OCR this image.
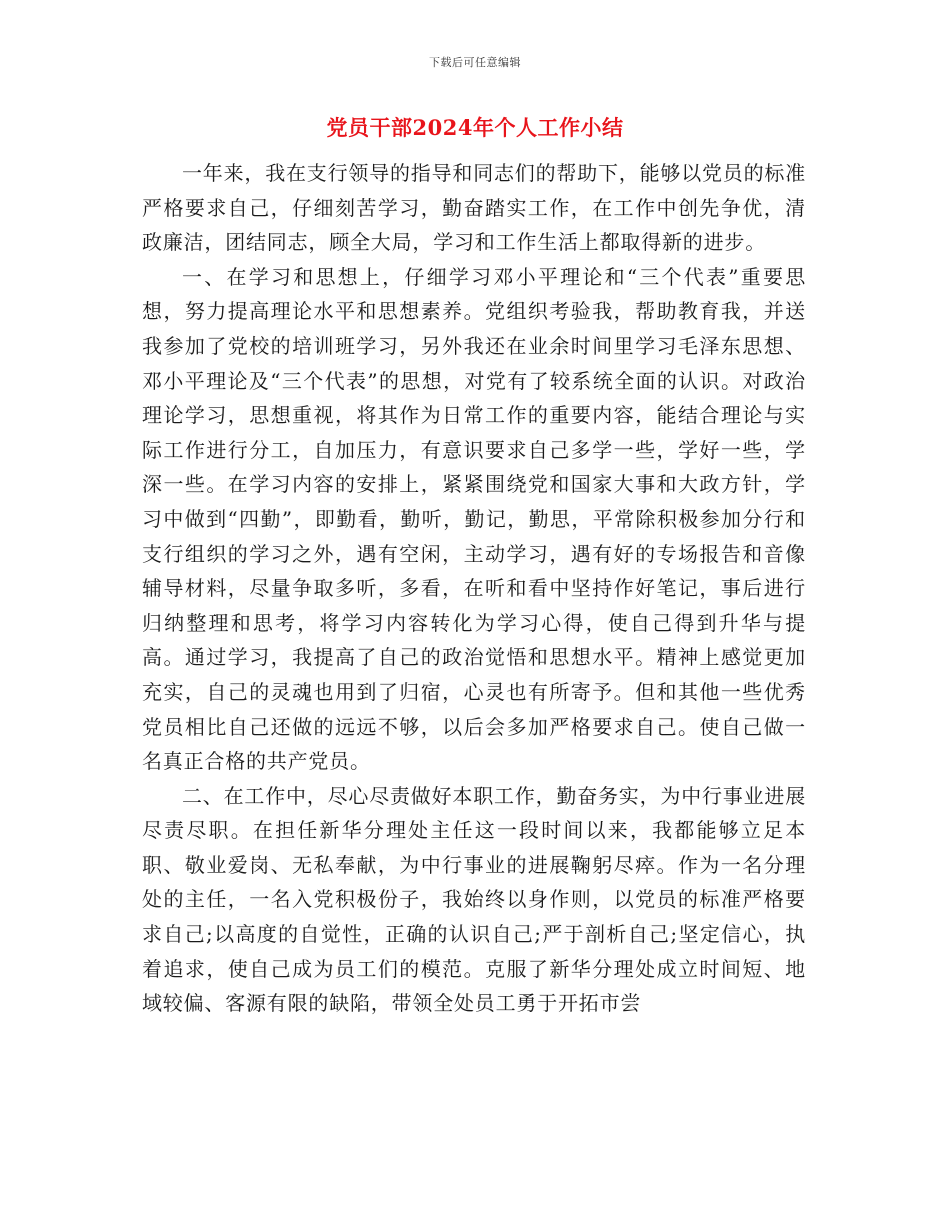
下载后可任意编辑
党员干部2024年个人工作小结

一年来，我在支行领导的指导和同志们的帮助下，能够以党员的标准严格要求自己，仔细刻苦学习，勤奋踏实工作，在工作中创先争优，清政廉洁，团结同志，顾全大局，学习和工作生活上都取得新的进步。

一、在学习和思想上，仔细学习邓小平理论和“三个代表”重要思想，努力提高理论水平和思想素养。党组织考验我，帮助教育我，并送我参加了党校的培训班学习，另外我还在业余时间里学习毛泽东思想、邓小平理论及“三个代表”的思想，对党有了较系统全面的认识。对政治理论学习，思想重视，将其作为日常工作的重要内容，能结合理论与实际工作进行分工，自加压力，有意识要求自己多学一些，学好一些，学深一些。在学习内容的安排上，紧紧围绕党和国家大事和大政方针，学习中做到“四勤”，即勤看，勤听，勤记，勤思，平常除积极参加分行和支行组织的学习之外，遇有空闲，主动学习，遇有好的专场报告和音像辅导材料，尽量争取多听，多看，在听和看中坚持作好笔记，事后进行归纳整理和思考，将学习内容转化为学习心得，使自己得到升华与提高。通过学习，我提高了自己的政治觉悟和思想水平。精神上感觉更加充实，自己的灵魂也用到了归宿，心灵也有所寄予。但和其他一些优秀党员相比自己还做的远远不够，以后会多加严格要求自己。使自己做一名真正合格的共产党员。

二、在工作中，尽心尽责做好本职工作，勤奋务实，为中行事业进展尽责尽职。在担任新华分理处主任这一段时间以来，我都能够立足本职、敬业爱岗、无私奉献，为中行事业的进展鞠躬尽瘁。作为一名分理处的主任，一名入党积极份子，我始终以身作则，以党员的标准严格要求自己;以高度的自觉性，正确的认识自己;严于剖析自己;坚定信心，执着追求，使自己成为员工们的模范。克服了新华分理处成立时间短、地域较偏、客源有限的缺陷，带领全处员工勇于开拓市尝
